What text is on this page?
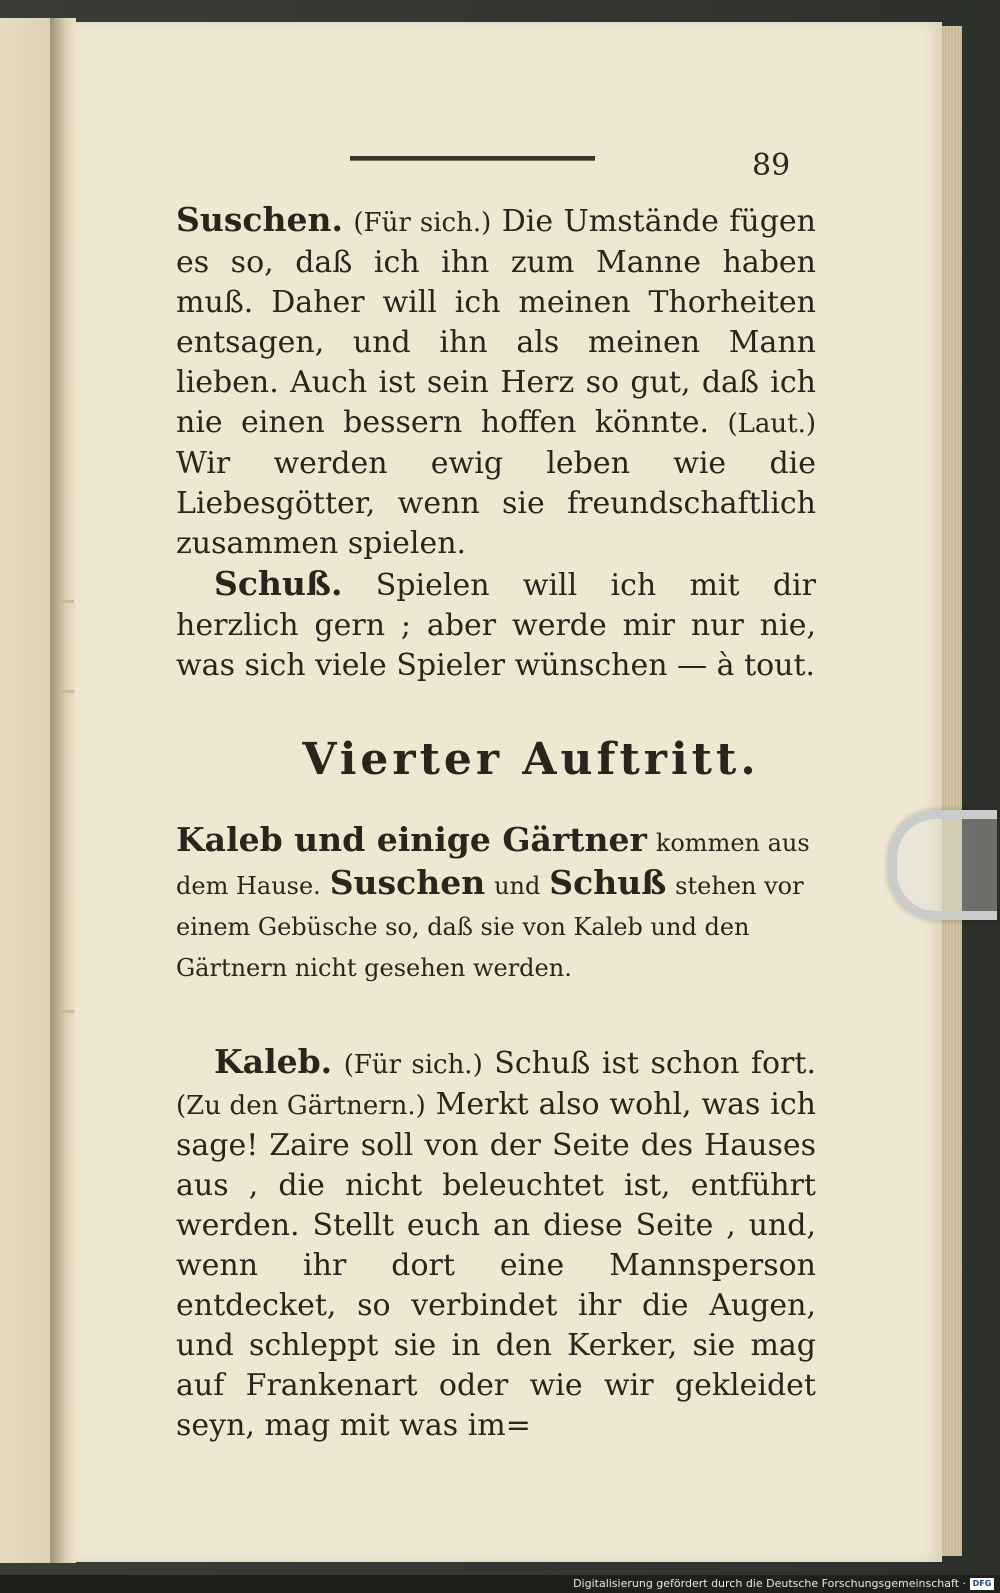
89

Suschen. (Für sich.) Die Umstände fügen es so, daß ich ihn zum Manne haben muß. Daher will ich meinen Thorheiten entsagen, und ihn als meinen Mann lieben. Auch ist sein Herz so gut, daß ich nie einen bessern hoffen könnte. (Laut.) Wir werden ewig leben wie die Liebesgötter, wenn sie freundschaftlich zusammen spielen.

Schuß. Spielen will ich mit dir herzlich gern ; aber werde mir nur nie, was sich viele Spieler wünschen — à tout.

Vierter Auftritt.

Kaleb und einige Gärtner kommen aus dem Hause. Suschen und Schuß stehen vor einem Gebüsche so, daß sie von Kaleb und den Gärtnern nicht gesehen werden.

Kaleb. (Für sich.) Schuß ist schon fort. (Zu den Gärtnern.) Merkt also wohl, was ich sage! Zaire soll von der Seite des Hauses aus , die nicht beleuchtet ist, entführt werden. Stellt euch an diese Seite , und, wenn ihr dort eine Mannsperson entdecket, so verbindet ihr die Augen, und schleppt sie in den Kerker, sie mag auf Frankenart oder wie wir gekleidet seyn, mag mit was im=

Digitalisierung gefördert durch die Deutsche Forschungsgemeinschaft · DFG
